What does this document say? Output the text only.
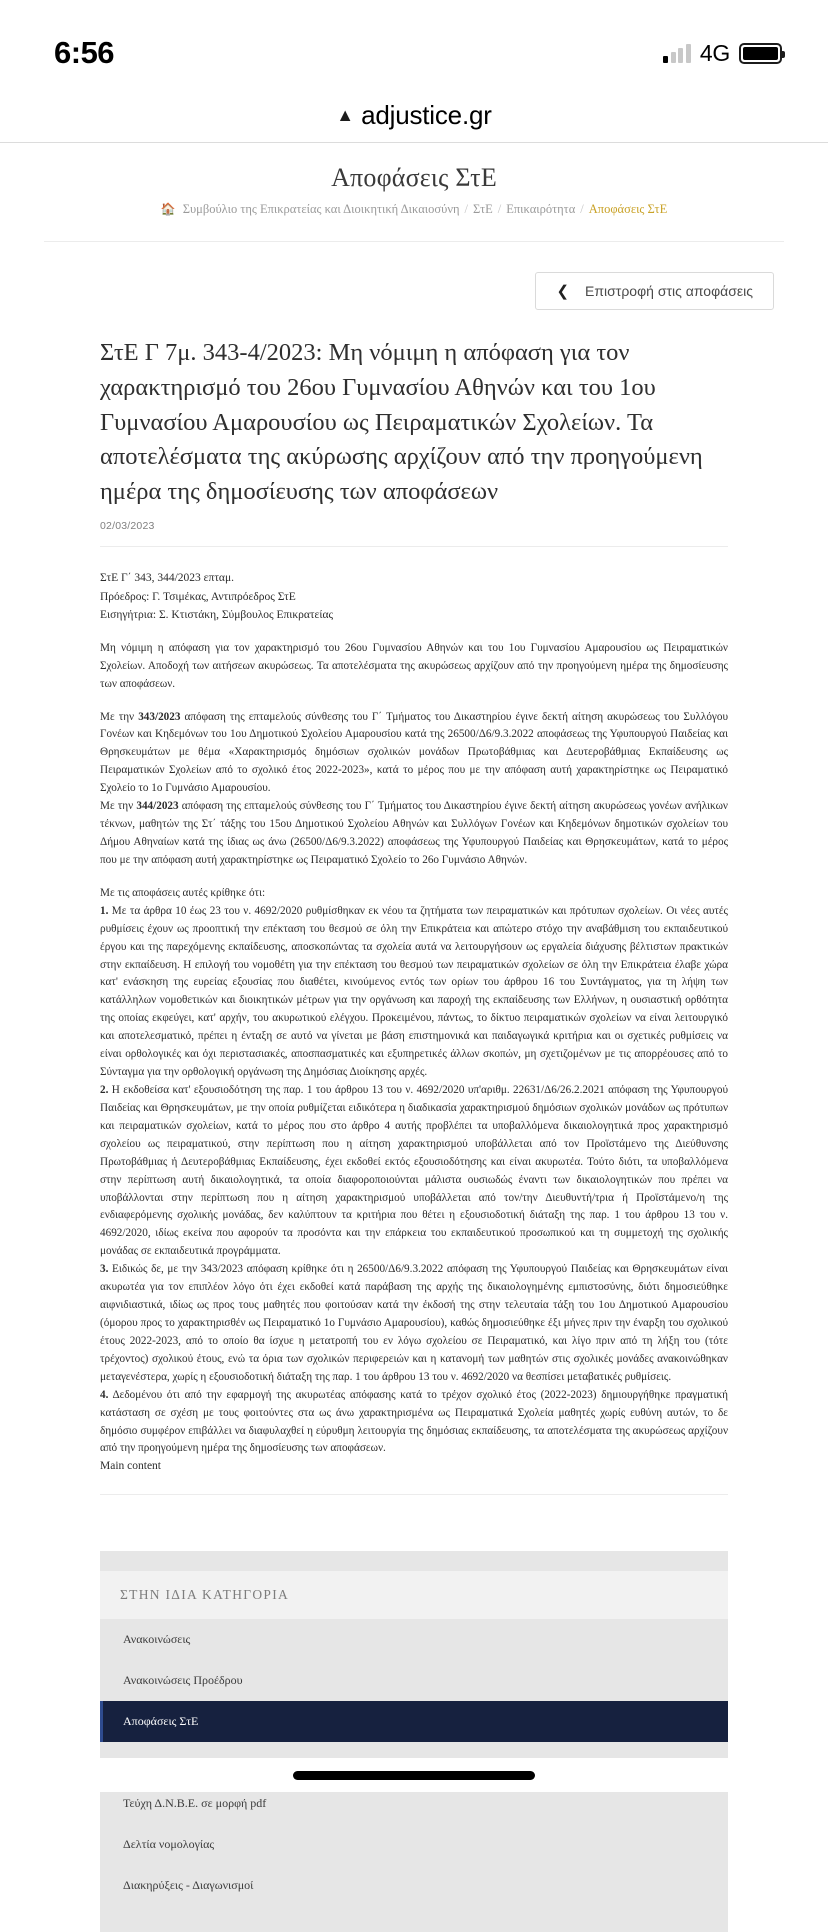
6:56	4G
▲ adjustice.gr
Αποφάσεις ΣτΕ
🏠 Συμβούλιο της Επικρατείας και Διοικητική Δικαιοσύνη / ΣτΕ / Επικαιρότητα / Αποφάσεις ΣτΕ
❮ Επιστροφή στις αποφάσεις
ΣτΕ Γ 7μ. 343-4/2023: Μη νόμιμη η απόφαση για τον χαρακτηρισμό του 26ου Γυμνασίου Αθηνών και του 1ου Γυμνασίου Αμαρουσίου ως Πειραματικών Σχολείων. Τα αποτελέσματα της ακύρωσης αρχίζουν από την προηγούμενη ημέρα της δημοσίευσης των αποφάσεων
02/03/2023
ΣτΕ Γ΄ 343, 344/2023 επταμ.
Πρόεδρος: Γ. Τσιμέκας, Αντιπρόεδρος ΣτΕ
Εισηγήτρια: Σ. Κτιστάκη, Σύμβουλος Επικρατείας

Μη νόμιμη η απόφαση για τον χαρακτηρισμό του 26ου Γυμνασίου Αθηνών και του 1ου Γυμνασίου Αμαρουσίου ως Πειραματικών Σχολείων. Αποδοχή των αιτήσεων ακυρώσεως. Τα αποτελέσματα της ακυρώσεως αρχίζουν από την προηγούμενη ημέρα της δημοσίευσης των αποφάσεων.

Με την 343/2023 απόφαση της επταμελούς σύνθεσης του Γ΄ Τμήματος του Δικαστηρίου έγινε δεκτή αίτηση ακυρώσεως του Συλλόγου Γονέων και Κηδεμόνων του 1ου Δημοτικού Σχολείου Αμαρουσίου κατά της 26500/Δ6/9.3.2022 αποφάσεως της Υφυπουργού Παιδείας και Θρησκευμάτων με θέμα «Χαρακτηρισμός δημόσιων σχολικών μονάδων Πρωτοβάθμιας και Δευτεροβάθμιας Εκπαίδευσης ως Πειραματικών Σχολείων από το σχολικό έτος 2022-2023», κατά το μέρος που με την απόφαση αυτή χαρακτηρίστηκε ως Πειραματικό Σχολείο το 1ο Γυμνάσιο Αμαρουσίου.

Με την 344/2023 απόφαση της επταμελούς σύνθεσης του Γ΄ Τμήματος του Δικαστηρίου έγινε δεκτή αίτηση ακυρώσεως γονέων ανήλικων τέκνων, μαθητών της Στ΄ τάξης του 15ου Δημοτικού Σχολείου Αθηνών και Συλλόγων Γονέων και Κηδεμόνων δημοτικών σχολείων του Δήμου Αθηναίων κατά της ίδιας ως άνω (26500/Δ6/9.3.2022) αποφάσεως της Υφυπουργού Παιδείας και Θρησκευμάτων, κατά το μέρος που με την απόφαση αυτή χαρακτηρίστηκε ως Πειραματικό Σχολείο το 26ο Γυμνάσιο Αθηνών.

Με τις αποφάσεις αυτές κρίθηκε ότι:

1. Με τα άρθρα 10 έως 23 του ν. 4692/2020 ρυθμίσθηκαν εκ νέου τα ζητήματα των πειραματικών και πρότυπων σχολείων. Οι νέες αυτές ρυθμίσεις έχουν ως προοπτική την επέκταση του θεσμού σε όλη την Επικράτεια και απώτερο στόχο την αναβάθμιση του εκπαιδευτικού έργου και της παρεχόμενης εκπαίδευσης, αποσκοπώντας τα σχολεία αυτά να λειτουργήσουν ως εργαλεία διάχυσης βέλτιστων πρακτικών στην εκπαίδευση. Η επιλογή του νομοθέτη για την επέκταση του θεσμού των πειραματικών σχολείων σε όλη την Επικράτεια έλαβε χώρα κατ' ενάσκηση της ευρείας εξουσίας που διαθέτει, κινούμενος εντός των ορίων του άρθρου 16 του Συντάγματος, για τη λήψη των κατάλληλων νομοθετικών και διοικητικών μέτρων για την οργάνωση και παροχή της εκπαίδευσης των Ελλήνων, η ουσιαστική ορθότητα της οποίας εκφεύγει, κατ' αρχήν, του ακυρωτικού ελέγχου. Προκειμένου, πάντως, το δίκτυο πειραματικών σχολείων να είναι λειτουργικό και αποτελεσματικό, πρέπει η ένταξη σε αυτό να γίνεται με βάση επιστημονικά και παιδαγωγικά κριτήρια και οι σχετικές ρυθμίσεις να είναι ορθολογικές και όχι περιστασιακές, αποσπασματικές και εξυπηρετικές άλλων σκοπών, μη σχετιζομένων με τις απορρέουσες από το Σύνταγμα για την ορθολογική οργάνωση της Δημόσιας Διοίκησης αρχές.

2. Η εκδοθείσα κατ' εξουσιοδότηση της παρ. 1 του άρθρου 13 του ν. 4692/2020 υπ'αριθμ. 22631/Δ6/26.2.2021 απόφαση της Υφυπουργού Παιδείας και Θρησκευμάτων, με την οποία ρυθμίζεται ειδικότερα η διαδικασία χαρακτηρισμού δημόσιων σχολικών μονάδων ως πρότυπων και πειραματικών σχολείων, κατά το μέρος που στο άρθρο 4 αυτής προβλέπει τα υποβαλλόμενα δικαιολογητικά προς χαρακτηρισμό σχολείου ως πειραματικού, στην περίπτωση που η αίτηση χαρακτηρισμού υποβάλλεται από τον Προϊστάμενο της Διεύθυνσης Πρωτοβάθμιας ή Δευτεροβάθμιας Εκπαίδευσης, έχει εκδοθεί εκτός εξουσιοδότησης και είναι ακυρωτέα. Τούτο διότι, τα υποβαλλόμενα στην περίπτωση αυτή δικαιολογητικά, τα οποία διαφοροποιούνται μάλιστα ουσιωδώς έναντι των δικαιολογητικών που πρέπει να υποβάλλονται στην περίπτωση που η αίτηση χαρακτηρισμού υποβάλλεται από τον/την Διευθυντή/τρια ή Προϊστάμενο/η της ενδιαφερόμενης σχολικής μονάδας, δεν καλύπτουν τα κριτήρια που θέτει η εξουσιοδοτική διάταξη της παρ. 1 του άρθρου 13 του ν. 4692/2020, ιδίως εκείνα που αφορούν τα προσόντα και την επάρκεια του εκπαιδευτικού προσωπικού και τη συμμετοχή της σχολικής μονάδας σε εκπαιδευτικά προγράμματα.

3. Ειδικώς δε, με την 343/2023 απόφαση κρίθηκε ότι η 26500/Δ6/9.3.2022 απόφαση της Υφυπουργού Παιδείας και Θρησκευμάτων είναι ακυρωτέα για τον επιπλέον λόγο ότι έχει εκδοθεί κατά παράβαση της αρχής της δικαιολογημένης εμπιστοσύνης, διότι δημοσιεύθηκε αιφνιδιαστικά, ιδίως ως προς τους μαθητές που φοιτούσαν κατά την έκδοσή της στην τελευταία τάξη του 1ου Δημοτικού Αμαρουσίου (όμορου προς το χαρακτηρισθέν ως Πειραματικό 1ο Γυμνάσιο Αμαρουσίου), καθώς δημοσιεύθηκε έξι μήνες πριν την έναρξη του σχολικού έτους 2022-2023, από το οποίο θα ίσχυε η μετατροπή του εν λόγω σχολείου σε Πειραματικό, και λίγο πριν από τη λήξη του (τότε τρέχοντος) σχολικού έτους, ενώ τα όρια των σχολικών περιφερειών και η κατανομή των μαθητών στις σχολικές μονάδες ανακοινώθηκαν μεταγενέστερα, χωρίς η εξουσιοδοτική διάταξη της παρ. 1 του άρθρου 13 του ν. 4692/2020 να θεσπίσει μεταβατικές ρυθμίσεις.

4. Δεδομένου ότι από την εφαρμογή της ακυρωτέας απόφασης κατά το τρέχον σχολικό έτος (2022-2023) δημιουργήθηκε πραγματική κατάσταση σε σχέση με τους φοιτούντες στα ως άνω χαρακτηρισμένα ως Πειραματικά Σχολεία μαθητές χωρίς ευθύνη αυτών, το δε δημόσιο συμφέρον επιβάλλει να διαφυλαχθεί η εύρυθμη λειτουργία της δημόσιας εκπαίδευσης, τα αποτελέσματα της ακυρώσεως αρχίζουν από την προηγούμενη ημέρα της δημοσίευσης των αποφάσεων.

Main content
ΣΤΗΝ ΙΔΙΑ ΚΑΤΗΓΟΡΙΑ
Ανακοινώσεις
Ανακοινώσεις Προέδρου
Αποφάσεις ΣτΕ
Τεύχη Δ.Ν.Β.Ε. σε μορφή pdf
Δελτία νομολογίας
Διακηρύξεις - Διαγωνισμοί
